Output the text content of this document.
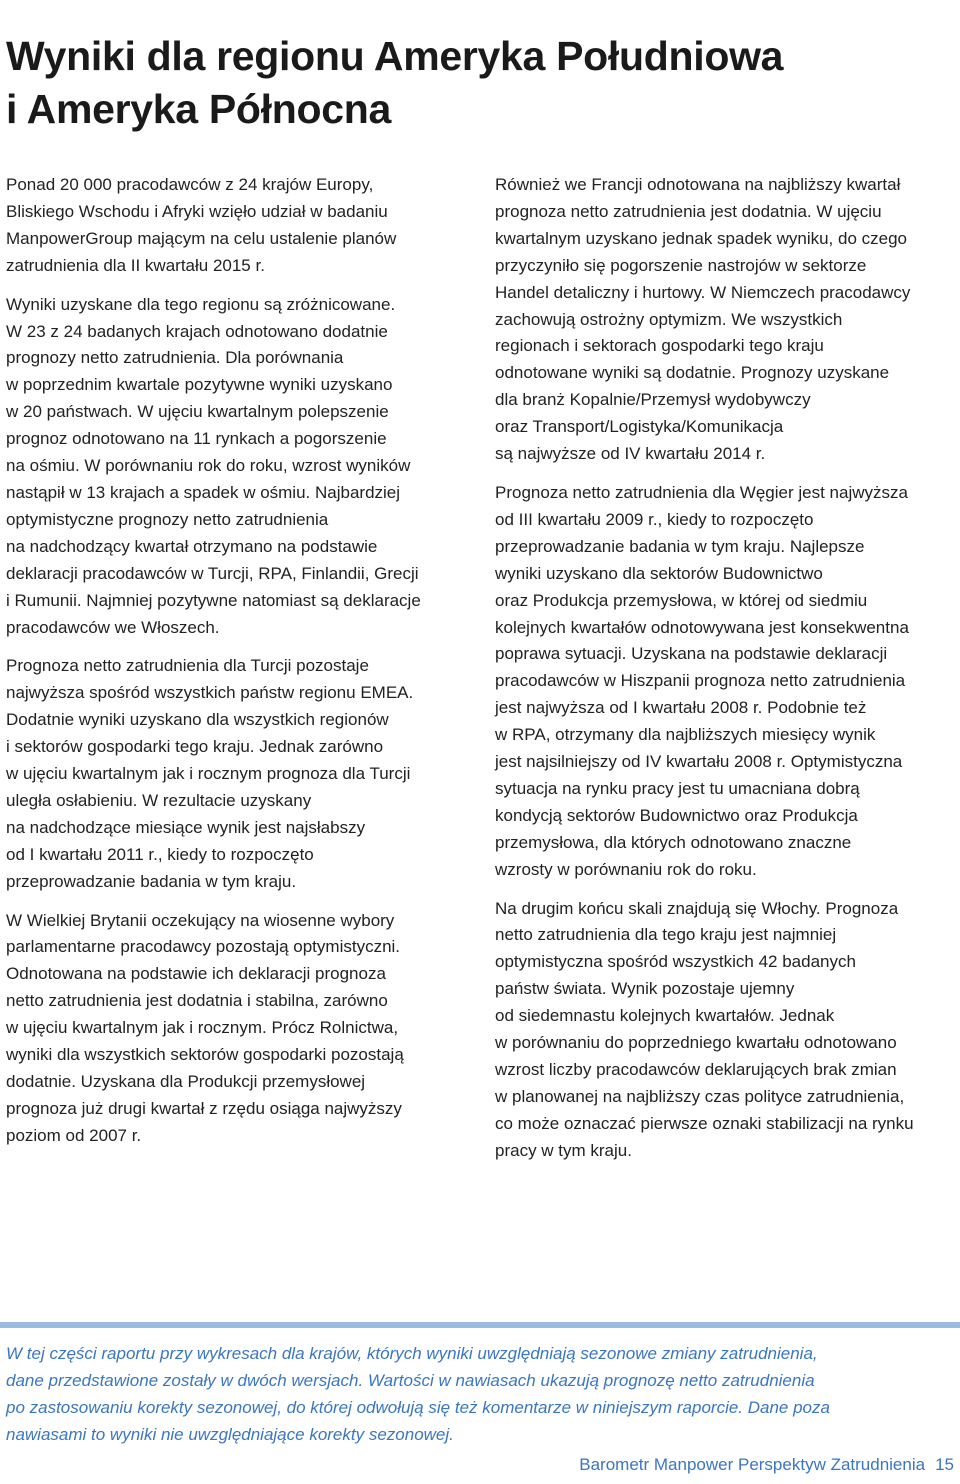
Wyniki dla regionu Ameryka Południowa
i Ameryka Północna

Ponad 20 000 pracodawców z 24 krajów Europy,
Bliskiego Wschodu i Afryki wzięło udział w badaniu
ManpowerGroup mającym na celu ustalenie planów
zatrudnienia dla II kwartału 2015 r.

Wyniki uzyskane dla tego regionu są zróżnicowane.
W 23 z 24 badanych krajach odnotowano dodatnie
prognozy netto zatrudnienia. Dla porównania
w poprzednim kwartale pozytywne wyniki uzyskano
w 20 państwach. W ujęciu kwartalnym polepszenie
prognoz odnotowano na 11 rynkach a pogorszenie
na ośmiu. W porównaniu rok do roku, wzrost wyników
nastąpił w 13 krajach a spadek w ośmiu. Najbardziej
optymistyczne prognozy netto zatrudnienia
na nadchodzący kwartał otrzymano na podstawie
deklaracji pracodawców w Turcji, RPA, Finlandii, Grecji
i Rumunii. Najmniej pozytywne natomiast są deklaracje
pracodawców we Włoszech.

Prognoza netto zatrudnienia dla Turcji pozostaje
najwyższa spośród wszystkich państw regionu EMEA.
Dodatnie wyniki uzyskano dla wszystkich regionów
i sektorów gospodarki tego kraju. Jednak zarówno
w ujęciu kwartalnym jak i rocznym prognoza dla Turcji
uległa osłabieniu. W rezultacie uzyskany
na nadchodzące miesiące wynik jest najsłabszy
od I kwartału 2011 r., kiedy to rozpoczęto
przeprowadzanie badania w tym kraju.

W Wielkiej Brytanii oczekujący na wiosenne wybory
parlamentarne pracodawcy pozostają optymistyczni.
Odnotowana na podstawie ich deklaracji prognoza
netto zatrudnienia jest dodatnia i stabilna, zarówno
w ujęciu kwartalnym jak i rocznym. Prócz Rolnictwa,
wyniki dla wszystkich sektorów gospodarki pozostają
dodatnie. Uzyskana dla Produkcji przemysłowej
prognoza już drugi kwartał z rzędu osiąga najwyższy
poziom od 2007 r.

Również we Francji odnotowana na najbliższy kwartał
prognoza netto zatrudnienia jest dodatnia. W ujęciu
kwartalnym uzyskano jednak spadek wyniku, do czego
przyczyniło się pogorszenie nastrojów w sektorze
Handel detaliczny i hurtowy. W Niemczech pracodawcy
zachowują ostrożny optymizm. We wszystkich
regionach i sektorach gospodarki tego kraju
odnotowane wyniki są dodatnie. Prognozy uzyskane
dla branż Kopalnie/Przemysł wydobywczy
oraz Transport/Logistyka/Komunikacja
są najwyższe od IV kwartału 2014 r.

Prognoza netto zatrudnienia dla Węgier jest najwyższa
od III kwartału 2009 r., kiedy to rozpoczęto
przeprowadzanie badania w tym kraju. Najlepsze
wyniki uzyskano dla sektorów Budownictwo
oraz Produkcja przemysłowa, w której od siedmiu
kolejnych kwartałów odnotowywana jest konsekwentna
poprawa sytuacji. Uzyskana na podstawie deklaracji
pracodawców w Hiszpanii prognoza netto zatrudnienia
jest najwyższa od I kwartału 2008 r. Podobnie też
w RPA, otrzymany dla najbliższych miesięcy wynik
jest najsilniejszy od IV kwartału 2008 r. Optymistyczna
sytuacja na rynku pracy jest tu umacniana dobrą
kondycją sektorów Budownictwo oraz Produkcja
przemysłowa, dla których odnotowano znaczne
wzrosty w porównaniu rok do roku.

Na drugim końcu skali znajdują się Włochy. Prognoza
netto zatrudnienia dla tego kraju jest najmniej
optymistyczna spośród wszystkich 42 badanych
państw świata. Wynik pozostaje ujemny
od siedemnastu kolejnych kwartałów. Jednak
w porównaniu do poprzedniego kwartału odnotowano
wzrost liczby pracodawców deklarujących brak zmian
w planowanej na najbliższy czas polityce zatrudnienia,
co może oznaczać pierwsze oznaki stabilizacji na rynku
pracy w tym kraju.

W tej części raportu przy wykresach dla krajów, których wyniki uwzględniają sezonowe zmiany zatrudnienia,
dane przedstawione zostały w dwóch wersjach. Wartości w nawiasach ukazują prognozę netto zatrudnienia
po zastosowaniu korekty sezonowej, do której odwołują się też komentarze w niniejszym raporcie. Dane poza
nawiasami to wyniki nie uwzględniające korekty sezonowej.
Barometr Manpower Perspektyw Zatrudnienia 15
